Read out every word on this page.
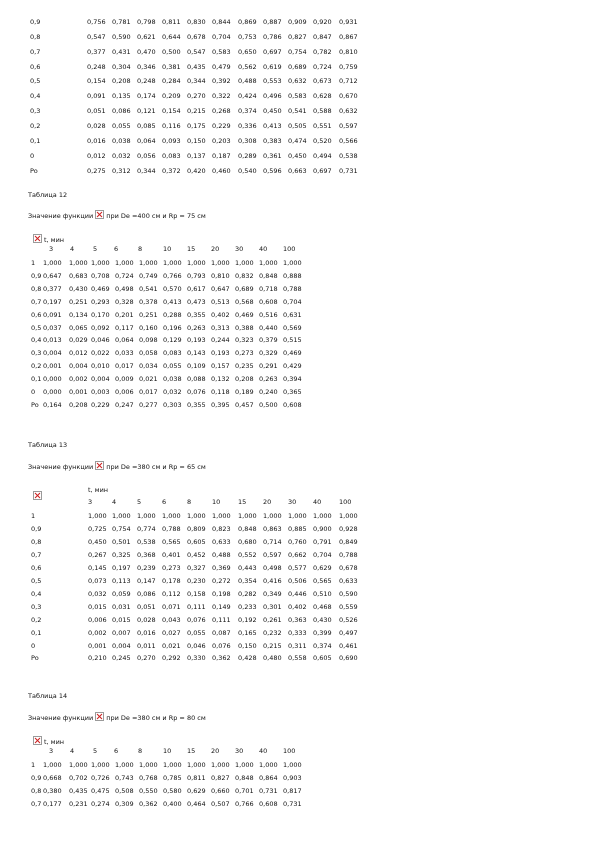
0,9	0,756 0,781 0,798 0,811 0,830 0,844 0,869 0,887 0,909 0,920 0,931
0,8	0,547 0,590 0,621 0,644 0,678 0,704 0,753 0,786 0,827 0,847 0,867
0,7	0,377 0,431 0,470 0,500 0,547 0,583 0,650 0,697 0,754 0,782 0,810
0,6	0,248 0,304 0,346 0,381 0,435 0,479 0,562 0,619 0,689 0,724 0,759
0,5	0,154 0,208 0,248 0,284 0,344 0,392 0,488 0,553 0,632 0,673 0,712
0,4	0,091 0,135 0,174 0,209 0,270 0,322 0,424 0,496 0,583 0,628 0,670
0,3	0,051 0,086 0,121 0,154 0,215 0,268 0,374 0,450 0,541 0,588 0,632
0,2	0,028 0,055 0,085 0,116 0,175 0,229 0,336 0,413 0,505 0,551 0,597
0,1	0,016 0,038 0,064 0,093 0,150 0,203 0,308 0,383 0,474 0,520 0,566
0	0,012 0,032 0,056 0,083 0,137 0,187 0,289 0,361 0,450 0,494 0,538
Po	0,275 0,312 0,344 0,372 0,420 0,460 0,540 0,596 0,663 0,697 0,731
Таблица 12
Значение функции при De =400 см и Rp = 75 см
t, мин
3	4	5	6	8	10 15 20 30 40 100
1 1,000 1,000 1,000 1,000 1,000 1,000 1,000 1,000 1,000 1,000 1,000
0,9 0,647 0,683 0,708 0,724 0,749 0,766 0,793 0,810 0,832 0,848 0,888
0,8 0,377 0,430 0,469 0,498 0,541 0,570 0,617 0,647 0,689 0,718 0,788
0,7 0,197 0,251 0,293 0,328 0,378 0,413 0,473 0,513 0,568 0,608 0,704
0,6 0,091 0,134 0,170 0,201 0,251 0,288 0,355 0,402 0,469 0,516 0,631
0,5 0,037 0,065 0,092 0,117 0,160 0,196 0,263 0,313 0,388 0,440 0,569
0,4 0,013 0,029 0,046 0,064 0,098 0,129 0,193 0,244 0,323 0,379 0,515
0,3 0,004 0,012 0,022 0,033 0,058 0,083 0,143 0,193 0,273 0,329 0,469
0,2 0,001 0,004 0,010 0,017 0,034 0,055 0,109 0,157 0,235 0,291 0,429
0,1 0,000 0,002 0,004 0,009 0,021 0,038 0,088 0,132 0,208 0,263 0,394
0 0,000 0,001 0,003 0,006 0,017 0,032 0,076 0,118 0,189 0,240 0,365
Po 0,164 0,208 0,229 0,247 0,277 0,303 0,355 0,395 0,457 0,500 0,608
Таблица 13
Значение функции при De =380 см и Rp = 65 см
t, мин
3	4	5	6	8	10	15	20	30	40	100
1	1,000 1,000 1,000 1,000 1,000 1,000 1,000 1,000 1,000 1,000 1,000
0,9	0,725 0,754 0,774 0,788 0,809 0,823 0,848 0,863 0,885 0,900 0,928
0,8	0,450 0,501 0,538 0,565 0,605 0,633 0,680 0,714 0,760 0,791 0,849
0,7	0,267 0,325 0,368 0,401 0,452 0,488 0,552 0,597 0,662 0,704 0,788
0,6	0,145 0,197 0,239 0,273 0,327 0,369 0,443 0,498 0,577 0,629 0,678
0,5	0,073 0,113 0,147 0,178 0,230 0,272 0,354 0,416 0,506 0,565 0,633
0,4	0,032 0,059 0,086 0,112 0,158 0,198 0,282 0,349 0,446 0,510 0,590
0,3	0,015 0,031 0,051 0,071 0,111 0,149 0,233 0,301 0,402 0,468 0,559
0,2	0,006 0,015 0,028 0,043 0,076 0,111 0,192 0,261 0,363 0,430 0,526
0,1	0,002 0,007 0,016 0,027 0,055 0,087 0,165 0,232 0,333 0,399 0,497
0	0,001 0,004 0,011 0,021 0,046 0,076 0,150 0,215 0,311 0,374 0,461
Po	0,210 0,245 0,270 0,292 0,330 0,362 0,428 0,480 0,558 0,605 0,690
Таблица 14
Значение функции при De =380 см и Rp = 80 см
t, мин
3	4	5	6	8	10 15 20 30 40 100
1 1,000 1,000 1,000 1,000 1,000 1,000 1,000 1,000 1,000 1,000 1,000
0,9 0,668 0,702 0,726 0,743 0,768 0,785 0,811 0,827 0,848 0,864 0,903
0,8 0,380 0,435 0,475 0,508 0,550 0,580 0,629 0,660 0,701 0,731 0,817
0,7 0,177 0,231 0,274 0,309 0,362 0,400 0,464 0,507 0,766 0,608 0,731
